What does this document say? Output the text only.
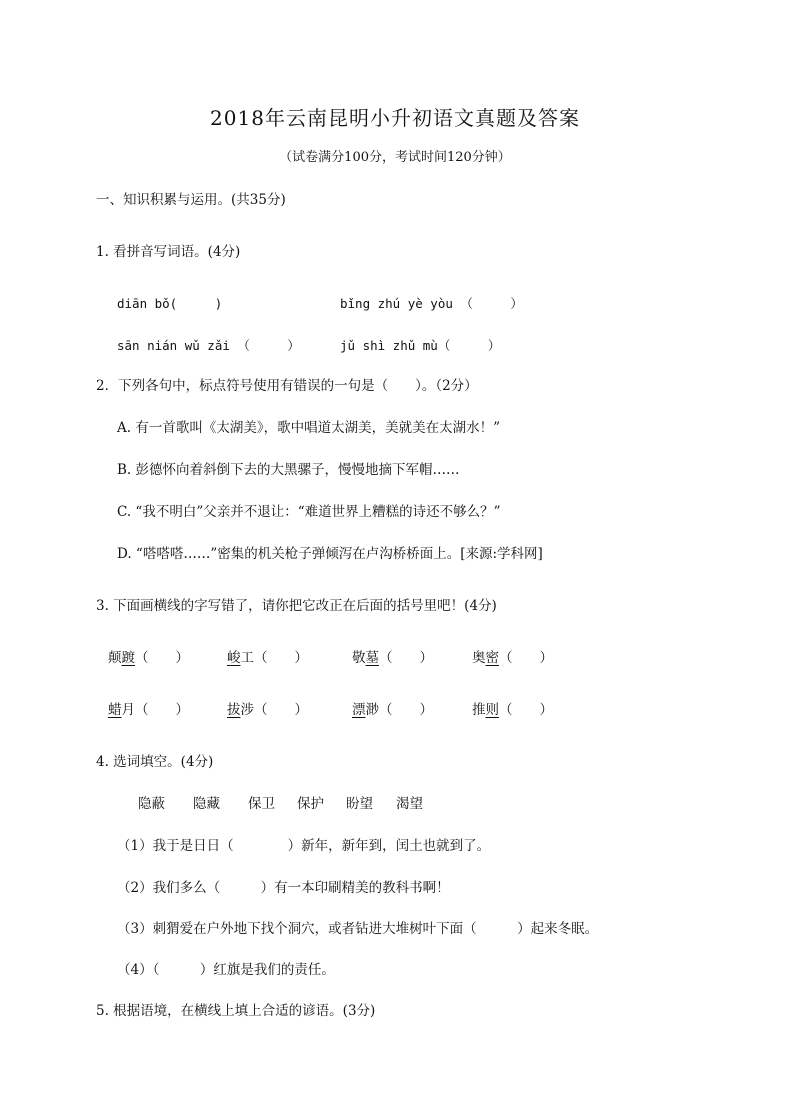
2018年云南昆明小升初语文真题及答案
（试卷满分100分，考试时间120分钟）
一、知识积累与运用。(共35分)
1. 看拼音写词语。(4分)
diān bǒ(　　　)	bǐng zhú yè yòu （　　　）
sān nián wǔ zǎi （　　　）	jǔ shì zhǔ mù（　　　）
2．下列各句中，标点符号使用有错误的一句是（　　）。（2分）
A. 有一首歌叫《太湖美》，歌中唱道太湖美，美就美在太湖水！”
B. 彭德怀向着斜倒下去的大黑骡子，慢慢地摘下军帽……
C. “我不明白”父亲并不退让：“难道世界上糟糕的诗还不够么？”
D. “嗒嗒嗒……”密集的机关枪子弹倾泻在卢沟桥桥面上。[来源:学科网]
3. 下面画横线的字写错了，请你把它改正在后面的括号里吧！(4分)
颠踱（　　）	峻工（　　）	敬墓（　　）	奥密（　　）
蜡月（　　）	拔涉（　　）	漂渺（　　）	推则（　　）
4. 选词填空。(4分)
隐蔽 隐藏 保卫 保护 盼望 渴望
（1）我于是日日（　　　　）新年，新年到，闰土也就到了。
（2）我们多么（　　　）有一本印刷精美的教科书啊！
（3）刺猬爱在户外地下找个洞穴，或者钻进大堆树叶下面（　　　）起来冬眠。
（4）（　　　）红旗是我们的责任。
5. 根据语境，在横线上填上合适的谚语。(3分)
